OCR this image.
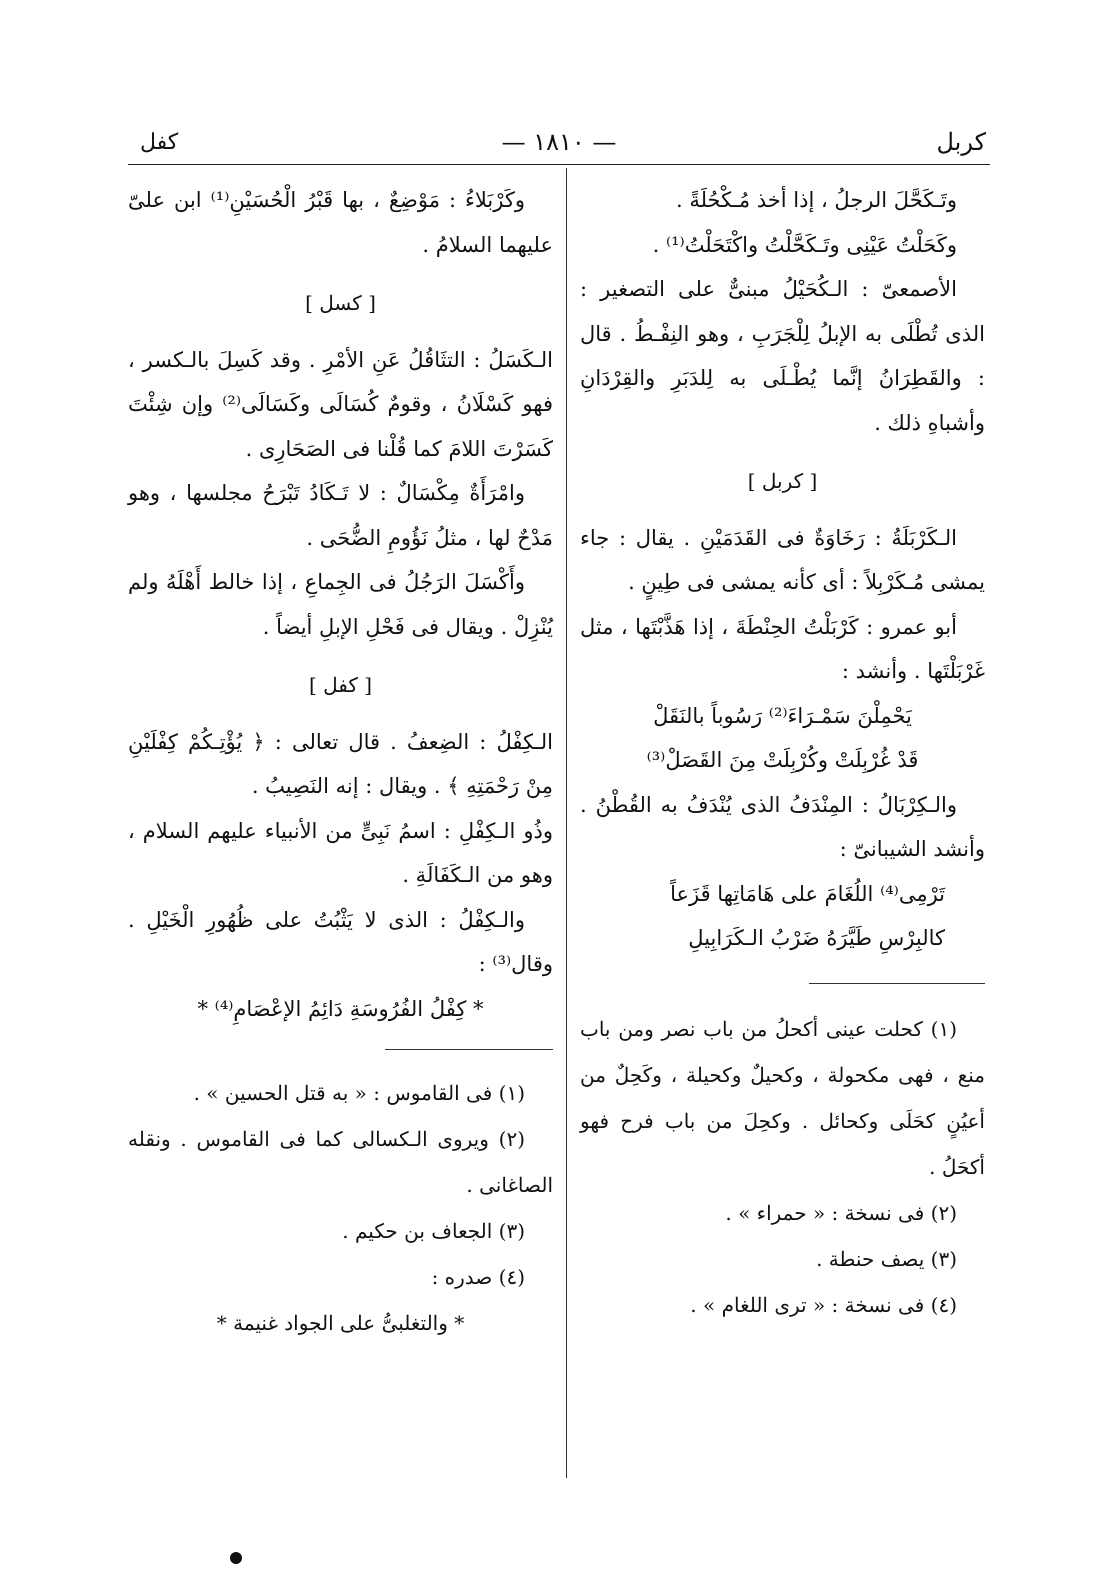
كربل
— ١٨١٠ —
كفل

وتَـكَحَّلَ الرجلُ ، إذا أخذ مُـكْحُلَةً .

وكَحَلْتُ عَيْنِى وتَـكَحَّلْتُ واكْتَحَلْتُ⁽¹⁾ .

الأصمعىّ : الـكُحَيْلُ مبنىٌّ على التصغير : الذى تُطْلَى به الإبلُ لِلْجَرَبِ ، وهو النِفْـطُ . قال : والقَطِرَانُ إنَّما يُطْـلَى به لِلدَبَرِ والقِرْدَانِ وأشباهِ ذلك .

[ كربل ]

الـكَرْبَلَةُ : رَخَاوَةٌ فى القَدَمَيْنِ . يقال : جاء يمشى مُـكَرْبِلاً : أى كأنه يمشى فى طِينٍ .

أبو عمرو : كَرْبَلْتُ الحِنْطَةَ ، إذا هَذَّبْتَها ، مثل غَرْبَلْتَها . وأنشد :

يَحْمِلْنَ سَمْـرَاءَ⁽²⁾ رَسُوباً بالنَقَلْ

قَدْ غُرْبِلَتْ وكُرْبِلَتْ مِنَ القَصَلْ⁽³⁾

والـكِرْبَالُ : المِنْدَفُ الذى يُنْدَفُ به القُطْنُ . وأنشد الشيبانىّ :

تَرْمِى⁽⁴⁾ اللُغَامَ على هَامَاتِها قَزَعاً

كالبِرْسِ طَيَّرَهُ ضَرْبُ الـكَرَابِيلِ

(١) كحلت عينى أكحلُ من باب نصر ومن باب منع ، فهى مكحولة ، وكحيلٌ وكحيلة ، وكَحِلٌ من أعيُنٍ كحَلَى وكحائل . وكحِلَ من باب فرح فهو أكحَلُ .

(٢) فى نسخة : « حمراء » .

(٣) يصف حنطة .

(٤) فى نسخة : « ترى اللغام » .

وكَرْبَلاءُ : مَوْضِعٌ ، بها قَبْرُ الْحُسَيْنِ⁽¹⁾ ابن علىّ عليهما السلامُ .

[ كسل ]

الـكَسَلُ : التثَاقُلُ عَنِ الأمْرِ . وقد كَسِلَ بالـكسر ، فهو كَسْلَانُ ، وقومٌ كُسَالَى وكَسَالَى⁽²⁾ وإن شِئْتَ كَسَرْتَ اللامَ كما قُلْنا فى الصَحَارِى .

وامْرَأَةٌ مِكْسَالٌ : لا تَـكَادُ تَبْرَحُ مجلسها ، وهو مَدْحٌ لها ، مثلُ نَؤُومِ الضُّحَى .

وأَكْسَلَ الرَجُلُ فى الجِماعِ ، إذا خالط أَهْلَهُ ولم يُنْزِلْ . ويقال فى فَحْلِ الإبلِ أيضاً .

[ كفل ]

الـكِفْلُ : الضِعفُ . قال تعالى : ﴿ يُؤْتِـكُمْ كِفْلَيْنِ مِنْ رَحْمَتِهِ ﴾ . ويقال : إنه النَصِيبُ .

وذُو الـكِفْلِ : اسمُ نَبِىٍّ من الأنبياء عليهم السلام ، وهو من الـكَفَالَةِ .

والـكِفْلُ : الذى لا يَثْبُتُ على ظُهُورِ الْخَيْلِ . وقال⁽³⁾ :

* كِفْلُ الفُرُوسَةِ دَائِمُ الإعْصَامِ⁽⁴⁾ *

(١) فى القاموس : « به قتل الحسين » .

(٢) ويروى الـكسالى كما فى القاموس . ونقله الصاغانى .

(٣) الجعاف بن حكيم .

(٤) صدره :

* والتغلبىُّ على الجواد غنيمة *
